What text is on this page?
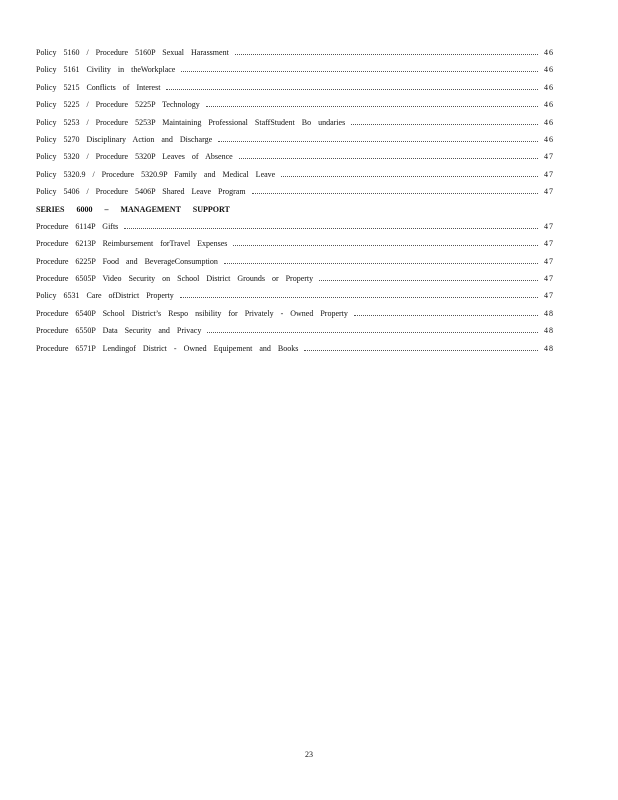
Policy 5160 / Procedure 5160P Sexual Harassment	46
Policy 5161 Civility in theWorkplace	46
Policy 5215 Conflicts of Interest	46
Policy 5225 / Procedure 5225P Technology	46
Policy 5253 / Procedure 5253P Maintaining Professional StaffStudent Bo undaries	46
Policy 5270 Disciplinary Action and Discharge	46
Policy 5320 / Procedure 5320P Leaves of Absence	47
Policy 5320.9 / Procedure 5320.9P Family and Medical Leave	47
Policy 5406 / Procedure 5406P Shared Leave Program	47
SERIES 6000 – MANAGEMENT SUPPORT
Procedure 6114P Gifts	47
Procedure 6213P Reimbursement forTravel Expenses	47
Procedure 6225P Food and BeverageConsumption	47
Procedure 6505P Video Security on School District Grounds or Property	47
Policy 6531 Care ofDistrict Property	47
Procedure 6540P School District’s Respo nsibility for Privately - Owned Property	48
Procedure 6550P Data Security and Privacy	48
Procedure 6571P Lendingof District - Owned Equipement and Books	48
23
